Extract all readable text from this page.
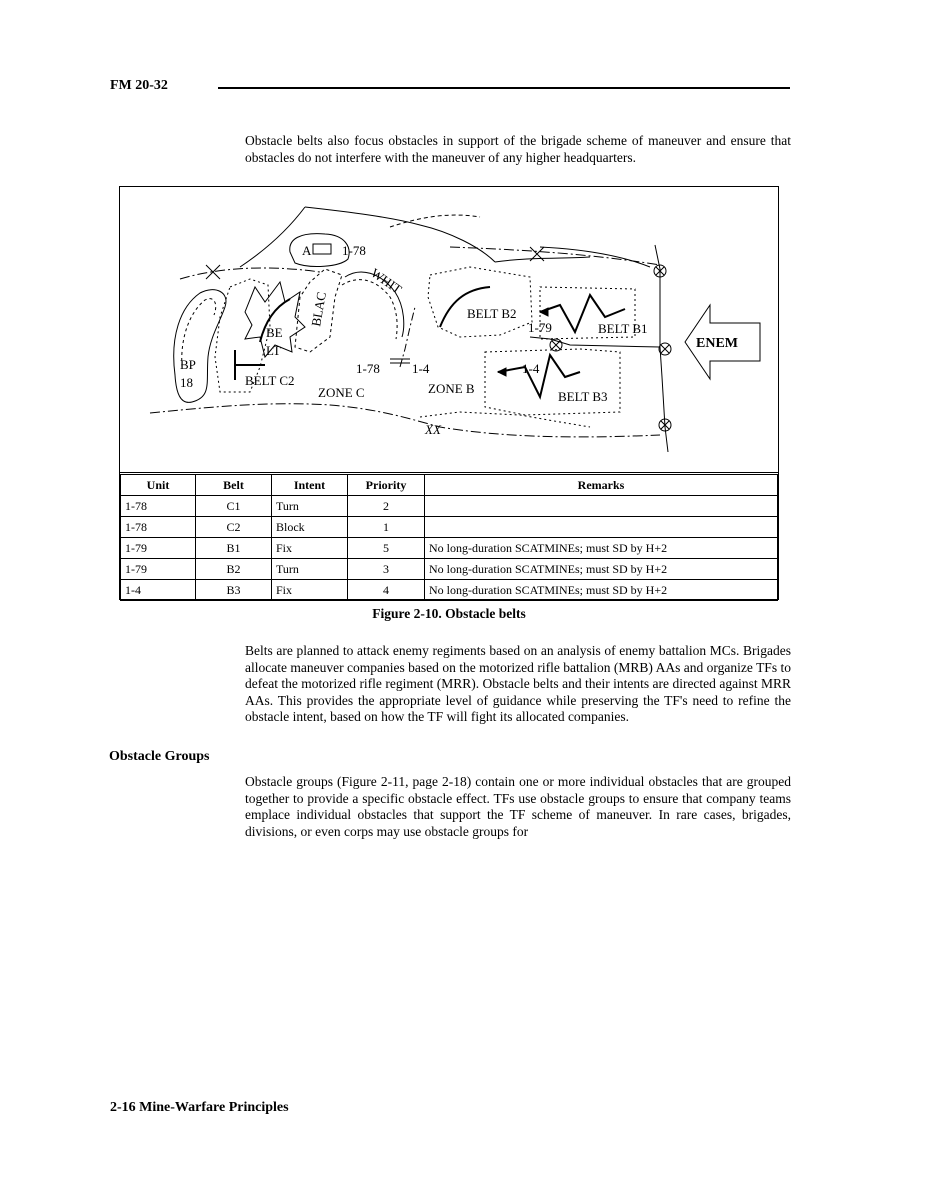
FM 20-32
Obstacle belts also focus obstacles in support of the brigade scheme of maneuver and ensure that obstacles do not interfere with the maneuver of any higher headquarters.
A 1-78
WHIT
BLAC
BE
LT
BP
18	BELT C2
ZONE C
1-78 1-4
ZONE B
BELT B2
1-79	BELT B1
1-4
BELT B3
ENEM
XX
Unit	Belt	Intent	Priority	Remarks
1-78	C1	Turn	2	
1-78	C2	Block	1	
1-79	B1	Fix	5	No long-duration SCATMINEs; must SD by H+2
1-79	B2	Turn	3	No long-duration SCATMINEs; must SD by H+2
1-4	B3	Fix	4	No long-duration SCATMINEs; must SD by H+2
Figure 2-10. Obstacle belts
Belts are planned to attack enemy regiments based on an analysis of enemy battalion MCs. Brigades allocate maneuver companies based on the motorized rifle battalion (MRB) AAs and organize TFs to defeat the motorized rifle regiment (MRR). Obstacle belts and their intents are directed against MRR AAs. This provides the appropriate level of guidance while preserving the TF's need to refine the obstacle intent, based on how the TF will fight its allocated companies.
Obstacle Groups
Obstacle groups (Figure 2-11, page 2-18) contain one or more individual obstacles that are grouped together to provide a specific obstacle effect. TFs use obstacle groups to ensure that company teams emplace individual obstacles that support the TF scheme of maneuver. In rare cases, brigades, divisions, or even corps may use obstacle groups for
2-16 Mine-Warfare Principles
